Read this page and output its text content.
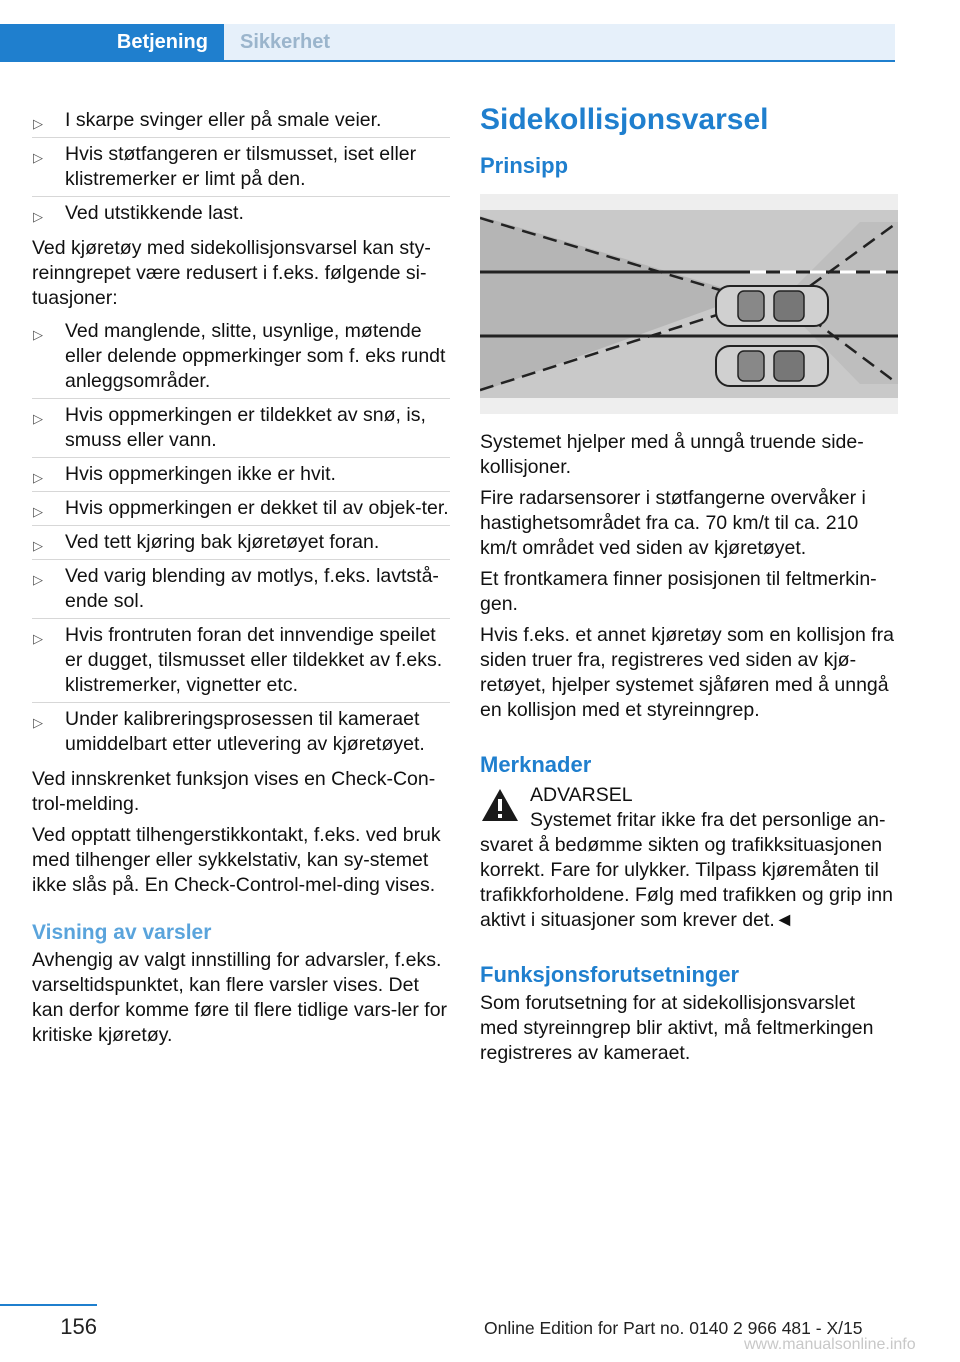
Betjening	Sikkerhet
▷ I skarpe svinger eller på smale veier.
▷ Hvis støtfangeren er tilsmusset, iset eller klistremerker er limt på den.
▷ Ved utstikkende last.

Ved kjøretøy med sidekollisjonsvarsel kan sty-reinngrepet være redusert i f.eks. følgende si-tuasjoner:

▷ Ved manglende, slitte, usynlige, møtende eller delende oppmerkinger som f. eks rundt anleggsområder.
▷ Hvis oppmerkingen er tildekket av snø, is, smuss eller vann.
▷ Hvis oppmerkingen ikke er hvit.
▷ Hvis oppmerkingen er dekket til av objek-ter.
▷ Ved tett kjøring bak kjøretøyet foran.
▷ Ved varig blending av motlys, f.eks. lavtstå-ende sol.
▷ Hvis frontruten foran det innvendige speilet er dugget, tilsmusset eller tildekket av f.eks. klistremerker, vignetter etc.
▷ Under kalibreringsprosessen til kameraet umiddelbart etter utlevering av kjøretøyet.

Ved innskrenket funksjon vises en Check-Con-trol-melding.

Ved opptatt tilhengerstikkontakt, f.eks. ved bruk med tilhenger eller sykkelstativ, kan sy-stemet ikke slås på. En Check-Control-mel-ding vises.

Visning av varsler

Avhengig av valgt innstilling for advarsler, f.eks. varseltidspunktet, kan flere varsler vises. Det kan derfor komme føre til flere tidlige vars-ler for kritiske kjøretøy.

Sidekollisjonsvarsel
Prinsipp

Systemet hjelper med å unngå truende side-kollisjoner.

Fire radarsensorer i støtfangerne overvåker i hastighetsområdet fra ca. 70 km/t til ca. 210 km/t området ved siden av kjøretøyet.

Et frontkamera finner posisjonen til feltmerkin-gen.

Hvis f.eks. et annet kjøretøy som en kollisjon fra siden truer fra, registreres ved siden av kjø-retøyet, hjelper systemet sjåføren med å unngå en kollisjon med et styreinngrep.

Merknader
ADVARSEL
Systemet fritar ikke fra det personlige an-
svaret å bedømme sikten og trafikksituasjonen korrekt. Fare for ulykker. Tilpass kjøremåten til trafikkforholdene. Følg med trafikken og grip inn aktivt i situasjoner som krever det.◄
Funksjonsforutsetninger

Som forutsetning for at sidekollisjonsvarslet med styreinngrep blir aktivt, må feltmerkingen registreres av kameraet.

156	Online Edition for Part no. 0140 2 966 481 - X/15
www.manualsonline.info
